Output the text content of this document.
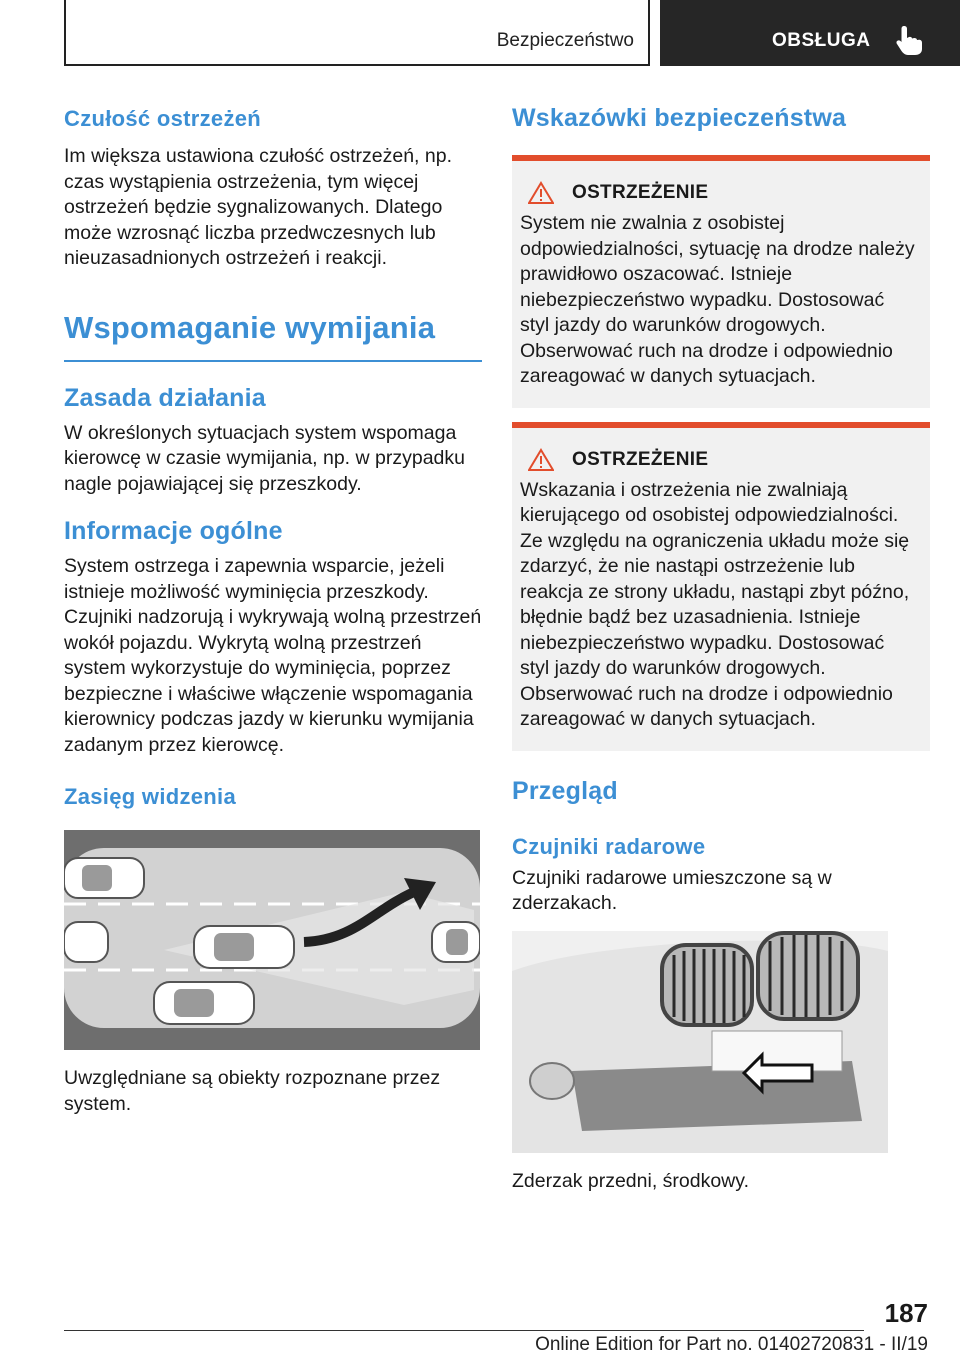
Bezpieczeństwo	OBSŁUGA
Czułość ostrzeżeń

Im większa ustawiona czułość ostrzeżeń, np. czas wystąpienia ostrzeżenia, tym więcej ostrzeżeń będzie sygnalizowanych. Dlatego może wzrosnąć liczba przedwczesnych lub nieuzasadnionych ostrzeżeń i reakcji.

Wspomaganie wymijania
Zasada działania

W określonych sytuacjach system wspomaga kierowcę w czasie wymijania, np. w przypadku nagle pojawiającej się przeszkody.

Informacje ogólne

System ostrzega i zapewnia wsparcie, jeżeli istnieje możliwość wyminięcia przeszkody. Czujniki nadzorują i wykrywają wolną przestrzeń wokół pojazdu. Wykrytą wolną przestrzeń system wykorzystuje do wyminięcia, poprzez bezpieczne i właściwe włączenie wspomagania kierownicy podczas jazdy w kierunku wymijania zadanym przez kierowcę.

Zasięg widzenia

Uwzględniane są obiekty rozpoznane przez system.

Wskazówki bezpieczeństwa
OSTRZEŻENIE

System nie zwalnia z osobistej odpowiedzialności, sytuację na drodze należy prawidłowo oszacować. Istnieje niebezpieczeństwo wypadku. Dostosować styl jazdy do warunków drogowych. Obserwować ruch na drodze i odpowiednio zareagować w danych sytuacjach.

OSTRZEŻENIE

Wskazania i ostrzeżenia nie zwalniają kierującego od osobistej odpowiedzialności. Ze względu na ograniczenia układu może się zdarzyć, że nie nastąpi ostrzeżenie lub reakcja ze strony układu, nastąpi zbyt późno, błędnie bądź bez uzasadnienia. Istnieje niebezpieczeństwo wypadku. Dostosować styl jazdy do warunków drogowych. Obserwować ruch na drodze i odpowiednio zareagować w danych sytuacjach.

Przegląd
Czujniki radarowe

Czujniki radarowe umieszczone są w zderzakach.

Zderzak przedni, środkowy.

187
Online Edition for Part no. 01402720831 - II/19
